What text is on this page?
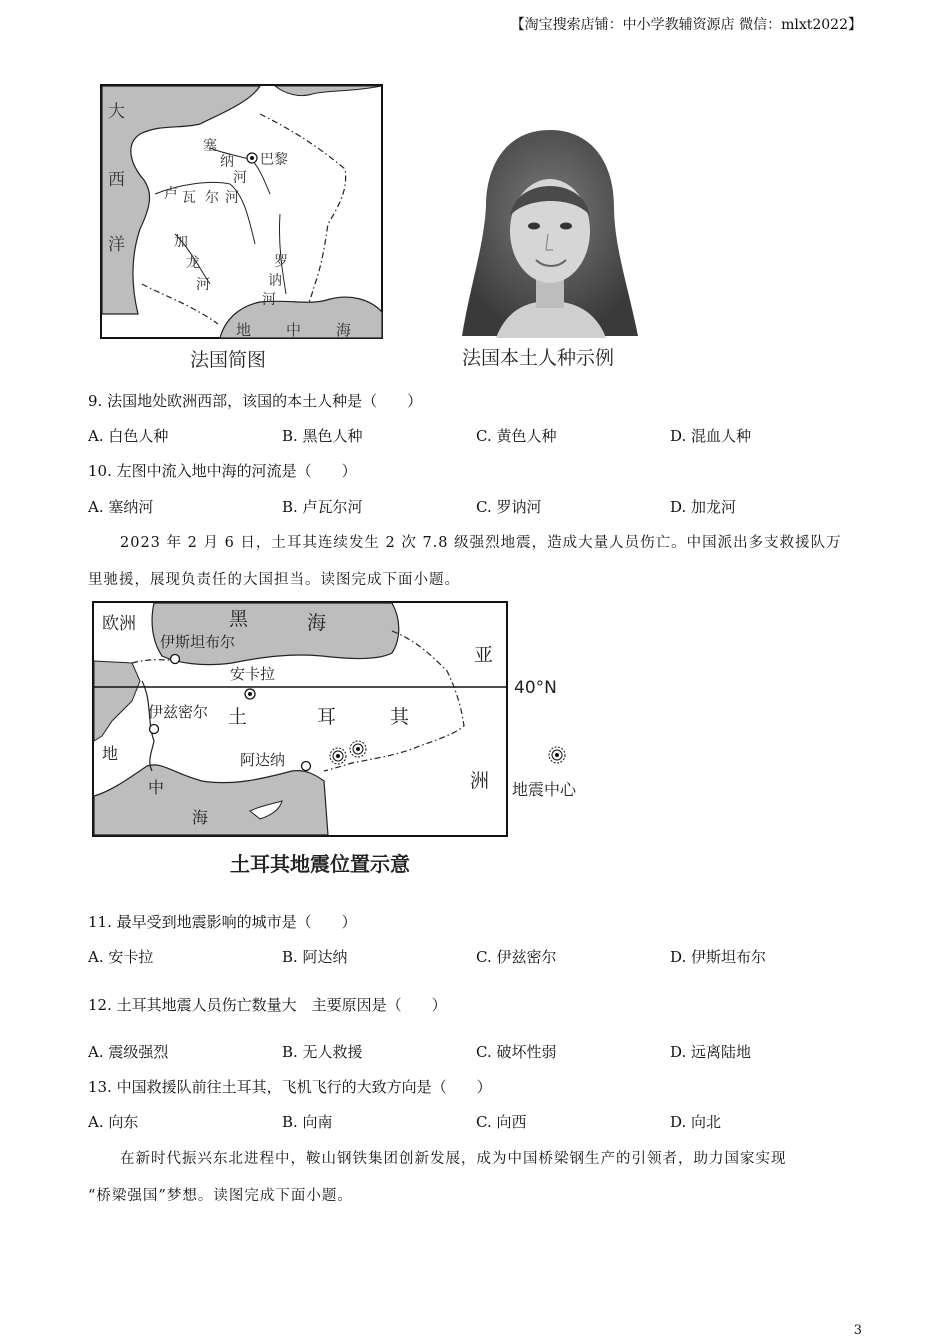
【淘宝搜索店铺：中小学教辅资源店 微信：mlxt2022】
大
西
洋
塞
纳
河
巴黎
卢 瓦 尔 河
加
龙
河
罗
讷
河
地 中 海
法国简图	法国本土人种示例
9. 法国地处欧洲西部，该国的本土人种是（　　）
A. 白色人种	B. 黑色人种	C. 黄色人种	D. 混血人种
10. 左图中流入地中海的河流是（　　）
A. 塞纳河	B. 卢瓦尔河	C. 罗讷河	D. 加龙河
2023 年 2 月 6 日，土耳其连续发生 2 次 7.8 级强烈地震，造成大量人员伤亡。中国派出多支救援队万
里驰援，展现负责任的大国担当。读图完成下面小题。
欧洲	黑	海
伊斯坦布尔
安卡拉
亚
40°N
伊兹密尔 土	耳	其
阿达纳
洲
地
中
海
地震中心
土耳其地震位置示意
11. 最早受到地震影响的城市是（　　）
A. 安卡拉	B. 阿达纳	C. 伊兹密尔	D. 伊斯坦布尔
12. 土耳其地震人员伤亡数量大　主要原因是（　　）
A. 震级强烈	B. 无人救援	C. 破坏性弱	D. 远离陆地
13. 中国救援队前往土耳其，飞机飞行的大致方向是（　　）
A. 向东	B. 向南	C. 向西	D. 向北
在新时代振兴东北进程中，鞍山钢铁集团创新发展，成为中国桥梁钢生产的引领者，助力国家实现
“桥梁强国”梦想。读图完成下面小题。
3
